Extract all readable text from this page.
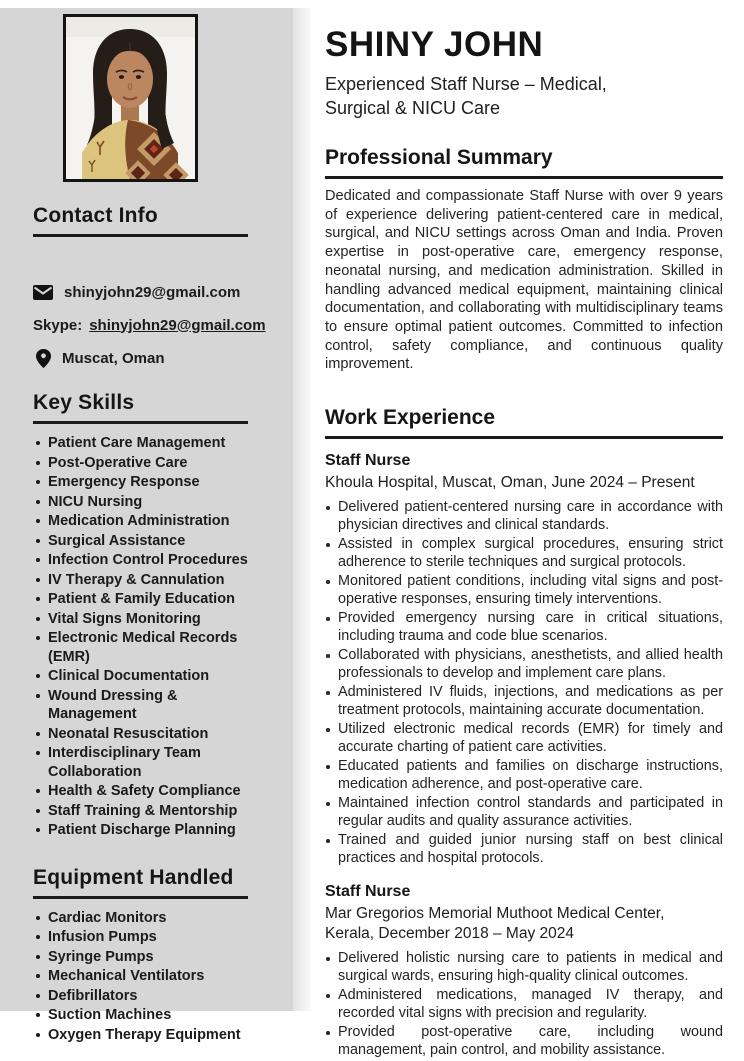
Contact Info
shinyjohn29@gmail.com
Skype: shinyjohn29@gmail.com
Muscat, Oman
Key Skills
Patient Care Management
Post-Operative Care
Emergency Response
NICU Nursing
Medication Administration
Surgical Assistance
Infection Control Procedures
IV Therapy & Cannulation
Patient & Family Education
Vital Signs Monitoring
Electronic Medical Records (EMR)
Clinical Documentation
Wound Dressing & Management
Neonatal Resuscitation
Interdisciplinary Team Collaboration
Health & Safety Compliance
Staff Training & Mentorship
Patient Discharge Planning
Equipment Handled
Cardiac Monitors
Infusion Pumps
Syringe Pumps
Mechanical Ventilators
Defibrillators
Suction Machines
Oxygen Therapy Equipment
SHINY JOHN
Experienced Staff Nurse – Medical,
Surgical & NICU Care
Professional Summary

Dedicated and compassionate Staff Nurse with over 9 years of experience delivering patient-centered care in medical, surgical, and NICU settings across Oman and India. Proven expertise in post-operative care, emergency response, neonatal nursing, and medication administration. Skilled in handling advanced medical equipment, maintaining clinical documentation, and collaborating with multidisciplinary teams to ensure optimal patient outcomes. Committed to infection control, safety compliance, and continuous quality improvement.

Work Experience
Staff Nurse
Khoula Hospital, Muscat, Oman, June 2024 – Present
Delivered patient-centered nursing care in accordance with physician directives and clinical standards.
Assisted in complex surgical procedures, ensuring strict adherence to sterile techniques and surgical protocols.
Monitored patient conditions, including vital signs and post-operative responses, ensuring timely interventions.
Provided emergency nursing care in critical situations, including trauma and code blue scenarios.
Collaborated with physicians, anesthetists, and allied health professionals to develop and implement care plans.
Administered IV fluids, injections, and medications as per treatment protocols, maintaining accurate documentation.
Utilized electronic medical records (EMR) for timely and accurate charting of patient care activities.
Educated patients and families on discharge instructions, medication adherence, and post-operative care.
Maintained infection control standards and participated in regular audits and quality assurance activities.
Trained and guided junior nursing staff on best clinical practices and hospital protocols.
Staff Nurse
Mar Gregorios Memorial Muthoot Medical Center,
Kerala, December 2018 – May 2024
Delivered holistic nursing care to patients in medical and surgical wards, ensuring high-quality clinical outcomes.
Administered medications, managed IV therapy, and recorded vital signs with precision and regularity.
Provided post-operative care, including wound management, pain control, and mobility assistance.
